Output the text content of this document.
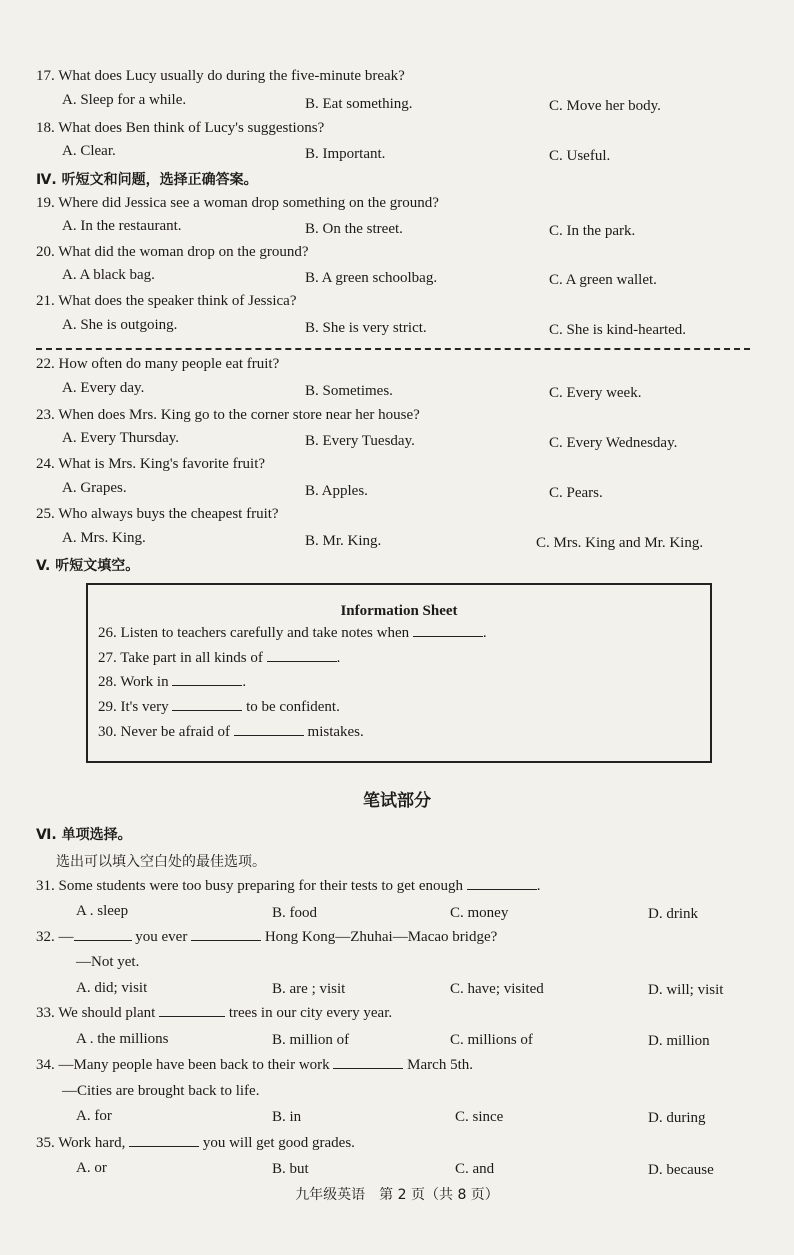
17. What does Lucy usually do during the five-minute break?
A. Sleep for a while.	B. Eat something.	C. Move her body.
18. What does Ben think of Lucy's suggestions?
A. Clear.	B. Important.	C. Useful.
Ⅳ. 听短文和问题，选择正确答案。
19. Where did Jessica see a woman drop something on the ground?
A. In the restaurant.	B. On the street.	C. In the park.
20. What did the woman drop on the ground?
A. A black bag.	B. A green schoolbag.	C. A green wallet.
21. What does the speaker think of Jessica?
A. She is outgoing.	B. She is very strict.	C. She is kind-hearted.
22. How often do many people eat fruit?
A. Every day.	B. Sometimes.	C. Every week.
23. When does Mrs. King go to the corner store near her house?
A. Every Thursday.	B. Every Tuesday.	C. Every Wednesday.
24. What is Mrs. King's favorite fruit?
A. Grapes.	B. Apples.	C. Pears.
25. Who always buys the cheapest fruit?
A. Mrs. King.	B. Mr. King.	C. Mrs. King and Mr. King.
V. 听短文填空。
Information Sheet
26. Listen to teachers carefully and take notes when	.
27. Take part in all kinds of	.
28. Work in	.
29. It's very	to be confident.
30. Never be afraid of	mistakes.
笔试部分
Ⅵ. 单项选择。
选出可以填入空白处的最佳选项。
31. Some students were too busy preparing for their tests to get enough	.
A . sleep	B. food	C. money	D. drink
32. —	you ever	Hong Kong—Zhuhai—Macao bridge?
—Not yet.
A. did; visit	B. are ; visit	C. have; visited	D. will; visit
33. We should plant	trees in our city every year.
A . the millions	B. million of	C. millions of	D. million
34. —Many people have been back to their work	March 5th.
—Cities are brought back to life.
A. for	B. in	C. since	D. during
35. Work hard,	you will get good grades.
A. or	B. but	C. and	D. because
九年级英语　第 2 页（共 8 页）
